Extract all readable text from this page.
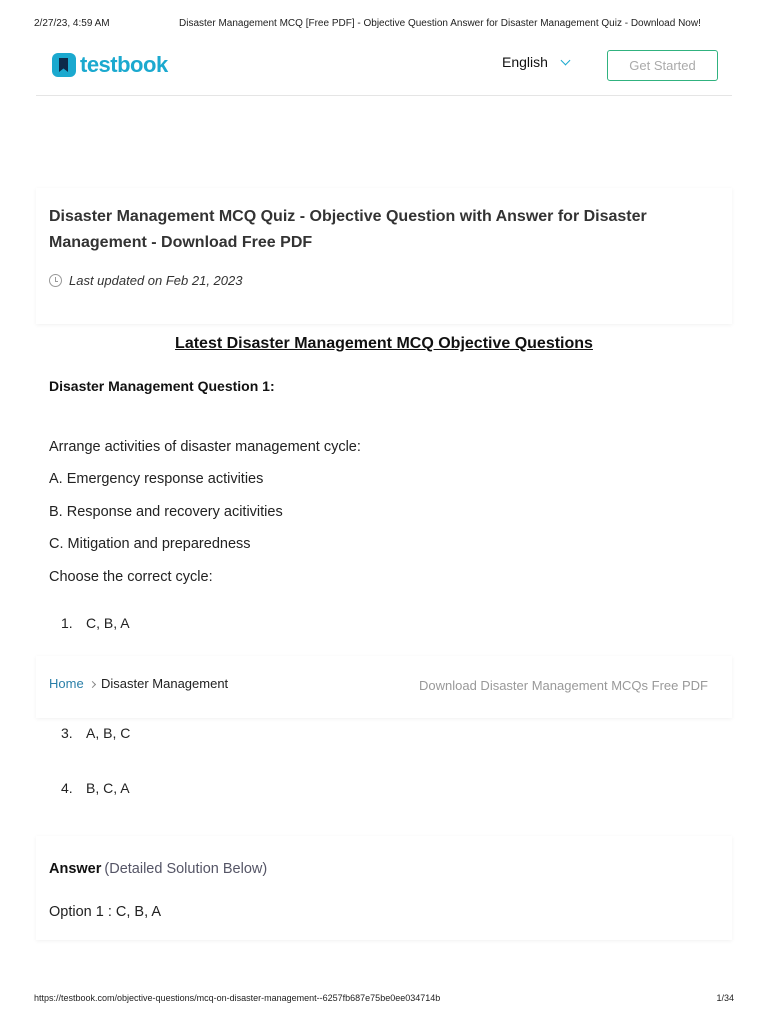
2/27/23, 4:59 AM	Disaster Management MCQ [Free PDF] - Objective Question Answer for Disaster Management Quiz - Download Now!
testbook	English	Get Started
Disaster Management MCQ Quiz - Objective Question with Answer for Disaster Management - Download Free PDF
Last updated on Feb 21, 2023
Latest Disaster Management MCQ Objective Questions
Disaster Management Question 1:
Arrange activities of disaster management cycle:
A. Emergency response activities
B. Response and recovery acitivities
C. Mitigation and preparedness
Choose the correct cycle:
1. C, B, A
Home Disaster Management	Download Disaster Management MCQs Free PDF
3. A, B, C
4. B, C, A
Answer (Detailed Solution Below)
Option 1 : C, B, A
https://testbook.com/objective-questions/mcq-on-disaster-management--6257fb687e75be0ee034714b	1/34
